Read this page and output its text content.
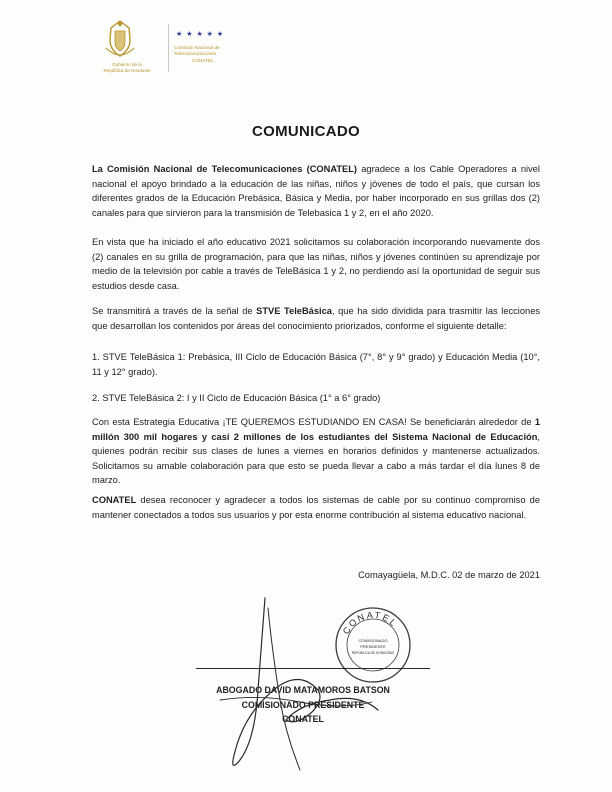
Gobierno de la
República de Honduras
★ ★ ★ ★ ★
Comisión Nacional de
Telecomunicaciones
CONATEL
COMUNICADO
La Comisión Nacional de Telecomunicaciones (CONATEL) agradece a los Cable Operadores a nivel nacional el apoyo brindado a la educación de las niñas, niños y jóvenes de todo el país, que cursan los diferentes grados de la Educación Prebásica, Básica y Media, por haber incorporado en sus grillas dos (2) canales para que sirvieron para la transmisión de Telebasica 1 y 2, en el año 2020.
En vista que ha iniciado el año educativo 2021 solicitamos su colaboración incorporando nuevamente dos (2) canales en su grilla de programación, para que las niñas, niños y jóvenes continúen su aprendizaje por medio de la televisión por cable a través de TeleBásica 1 y 2, no perdiendo así la oportunidad de seguir sus estudios desde casa.
Se transmitirá a través de la señal de STVE TeleBásica, que ha sido dividida para trasmitir las lecciones que desarrollan los contenidos por áreas del conocimiento priorizados, conforme el siguiente detalle:
1. STVE TeleBásica 1: Prebásica, III Ciclo de Educación Básica (7°, 8° y 9° grado) y Educación Media (10°, 11 y 12° grado).
2. STVE TeleBásica 2: I y II Ciclo de Educación Básica (1° a 6° grado)
Con esta Estrategia Educativa ¡TE QUEREMOS ESTUDIANDO EN CASA! Se beneficiarán alrededor de 1 millón 300 mil hogares y casi 2 millones de los estudiantes del Sistema Nacional de Educación, quienes podrán recibir sus clases de lunes a viernes en horarios definidos y mantenerse actualizados. Solicitamos su amable colaboración para que esto se pueda llevar a cabo a más tardar el día lunes 8 de marzo.
CONATEL desea reconocer y agradecer a todos los sistemas de cable por su continuo compromiso de mantener conectados a todos sus usuarios y por esta enorme contribución al sistema educativo nacional.
Comayagüela, M.D.C. 02 de marzo de 2021
CONATEL
COMISIONADO
PRESIDENTE
REPÚBLICA DE HONDURAS
ABOGADO DAVID MATAMOROS BATSON
COMISIONADO PRESIDENTE
CONATEL
